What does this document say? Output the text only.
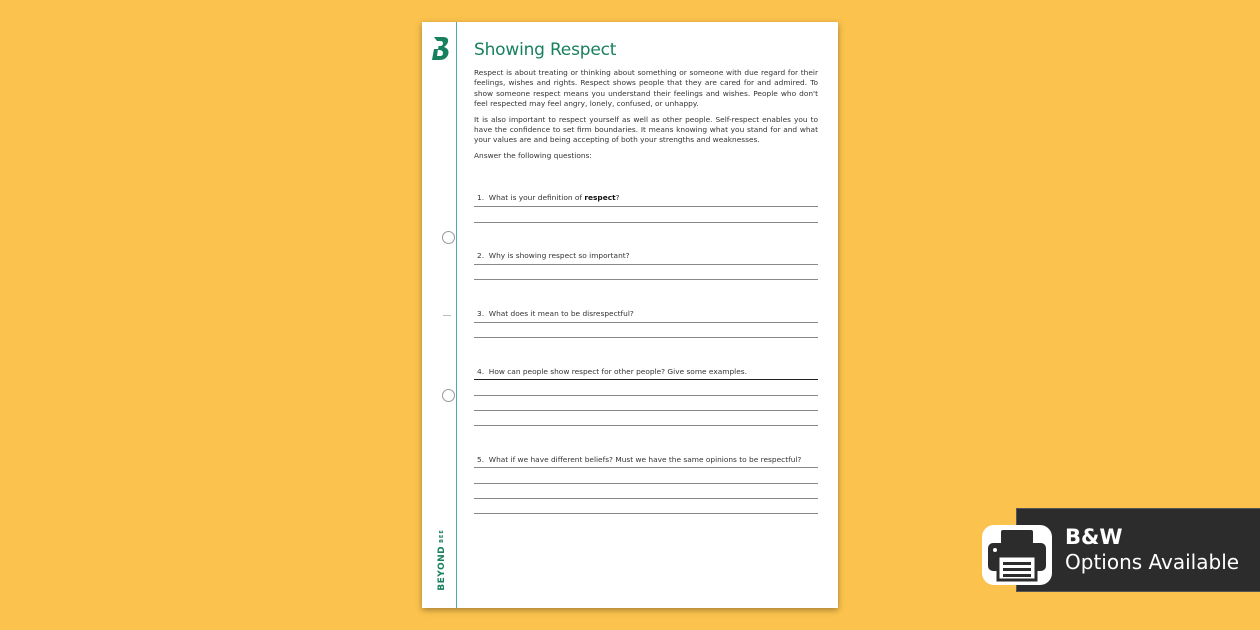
BEYONDBEE
Showing Respect

Respect is about treating or thinking about something or someone with due regard for their feelings, wishes and rights. Respect shows people that they are cared for and admired. To show someone respect means you understand their feelings and wishes. People who don't feel respected may feel angry, lonely, confused, or unhappy.

It is also important to respect yourself as well as other people. Self-respect enables you to have the confidence to set firm boundaries. It means knowing what you stand for and what your values are and being accepting of both your strengths and weaknesses.

Answer the following questions:

1. What is your definition of respect?
2. Why is showing respect so important?
3. What does it mean to be disrespectful?
4. How can people show respect for other people? Give some examples.
5. What if we have different beliefs? Must we have the same opinions to be respectful?
B&W
Options Available
